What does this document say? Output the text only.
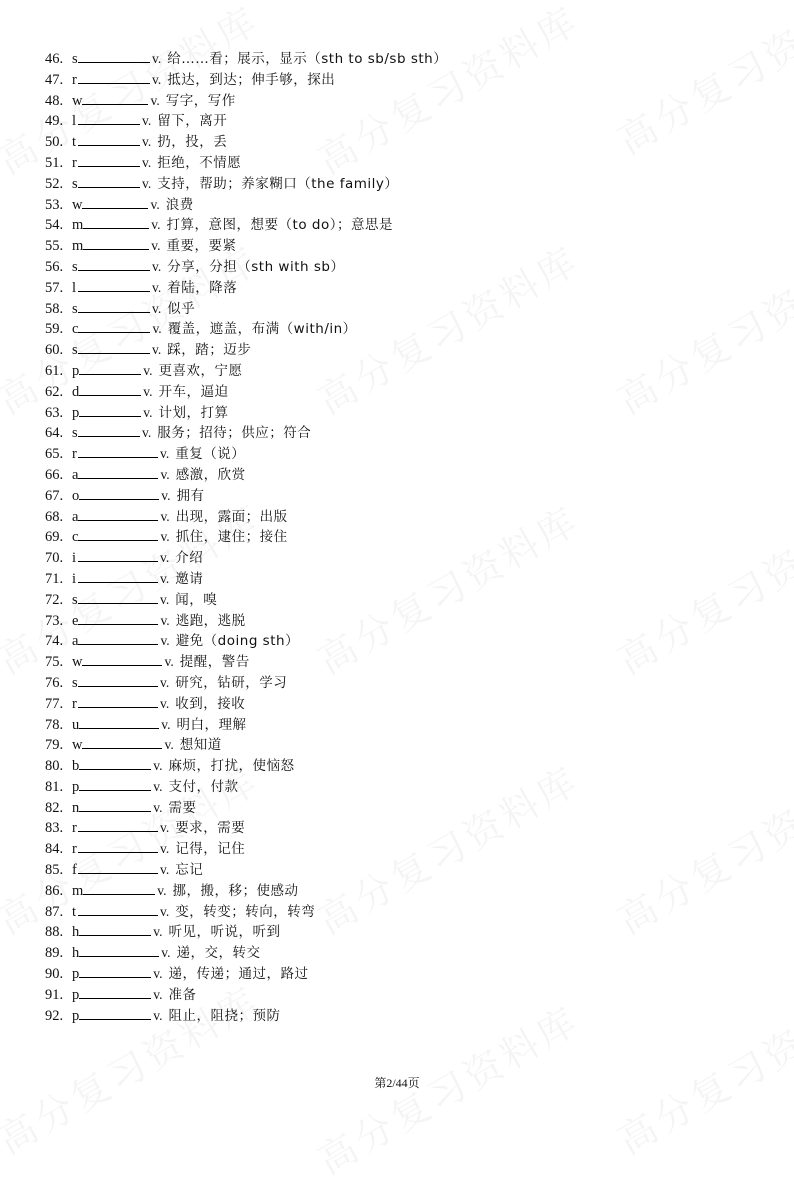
46. s	v. 给……看；展示，显示（sth to sb/sb sth）
47. r	v. 抵达，到达；伸手够，探出
48. w	v. 写字，写作
49. l	v. 留下，离开
50. t	v. 扔，投，丢
51. r	v. 拒绝，不情愿
52. s	v. 支持，帮助；养家糊口（the family）
53. w	v. 浪费
54. m	v. 打算，意图，想要（to do）；意思是
55. m	v. 重要，要紧
56. s	v. 分享，分担（sth with sb）
57. l	v. 着陆，降落
58. s	v. 似乎
59. c	v. 覆盖，遮盖，布满（with/in）
60. s	v. 踩，踏；迈步
61. p	v. 更喜欢，宁愿
62. d	v. 开车，逼迫
63. p	v. 计划，打算
64. s	v. 服务；招待；供应；符合
65. r	v. 重复（说）
66. a	v. 感激，欣赏
67. o	v. 拥有
68. a	v. 出现，露面；出版
69. c	v. 抓住，逮住；接住
70. i	v. 介绍
71. i	v. 邀请
72. s	v. 闻，嗅
73. e	v. 逃跑，逃脱
74. a	v. 避免（doing sth）
75. w	v. 提醒，警告
76. s	v. 研究，钻研，学习
77. r	v. 收到，接收
78. u	v. 明白，理解
79. w	v. 想知道
80. b	v. 麻烦，打扰，使恼怒
81. p	v. 支付，付款
82. n	v. 需要
83. r	v. 要求，需要
84. r	v. 记得，记住
85. f	v. 忘记
86. m	v. 挪，搬，移；使感动
87. t	v. 变，转变；转向，转弯
88. h	v. 听见，听说，听到
89. h	v. 递，交，转交
90. p	v. 递，传递；通过，路过
91. p	v. 准备
92. p	v. 阻止，阻挠；预防
第2/44页
